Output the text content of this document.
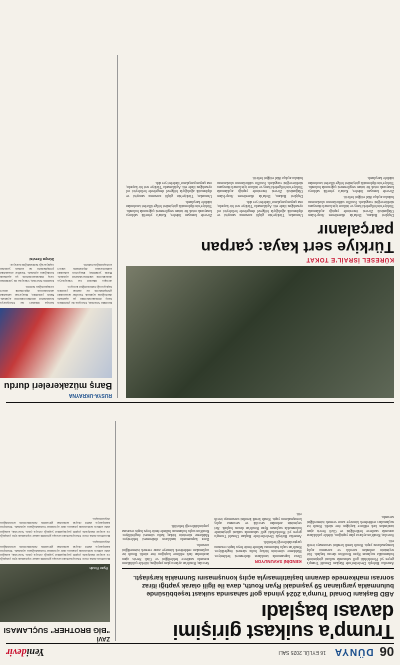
06
DÜNYA
16 EYLÜL 2025 SALI
Yenidevir
Trump'a suikast girişimi davası başladı
ABD Başkanı Donald Trump'a 2024 yılında golf sahasında suikast teşebbüsünde bulunmakla yargılanan 59 yaşındaki Ryan Routh, dava ile ilgili olarak yaptığı itiraz sonrası mahkemede davanın başlatılmasıyla açılış konuşmasını Sunmakla karşılaştı.

Amerika Birleşik Devletleri'nde Başkan Donald Trump'a geçen yıl Florida'daki golf sahasında suikast girişiminde bulunmakla suçlanan Ryan Routh'un davası başladı. Jüri seçiminin ardından savcılık ve savunma açılış konuşmalarını yaptı. Routh kendi kendini savunmayı tercih etti.

Savcılar, Routh'un aylarca plan yaptığını, tüfekle çalılıkların arasında saatlerce beklediğini ve Gizli Servis ajanı tarafından fark edilince kaçtığını öne sürdü. Routh ise suçlamaları reddederek kimseye zarar vermek istemediğini savundu.

KENDİNİ SAVUNUYOR

Dava kapsamında tanıkların dinlenmesi bekleniyor. Mahkeme sürecinin birkaç hafta sürmesi öngörülüyor. Routh'un suçlu bulunması halinde ömür boyu hapis cezasına çarptırılabileceği belirtildi.

Amerika Birleşik Devletleri'nde Başkan Donald Trump'a geçen yıl Florida'daki golf sahasında suikast girişiminde bulunmakla suçlanan Ryan Routh'un davası başladı. Jüri seçiminin ardından savcılık ve savunma açılış konuşmalarını yaptı. Routh kendi kendini savunmayı tercih etti.

Savcılar, Routh'un aylarca plan yaptığını, tüfekle çalılıkların arasında saatlerce beklediğini ve Gizli Servis ajanı tarafından fark edilince kaçtığını öne sürdü. Routh ise suçlamaları reddederek kimseye zarar vermek istemediğini savundu.

Dava kapsamında tanıkların dinlenmesi bekleniyor. Mahkeme sürecinin birkaç hafta sürmesi öngörülüyor. Routh'un suçlu bulunması halinde ömür boyu hapis cezasına çarptırılabileceği belirtildi.

ZAVİ
"BİG BROTHER" SUÇLAMASI
Ryan Routh

Routh'un daha önce Ukrayna'daki savaşa gönüllü asker toplamak için çalıştığı ve sosyal medyada çeşitli paylaşımlar yaptığı ortaya çıktı. Savcılık, sanığın elde edilen notlarında planına dair ayrıntılar bulunduğunu açıkladı. Trump'ın kampanya ekibi olayın ardından güvenlik önlemlerinin artırıldığını duyurmuştu.

Routh'un daha önce Ukrayna'daki savaşa gönüllü asker toplamak için çalıştığı ve sosyal medyada çeşitli paylaşımlar yaptığı ortaya çıktı. Savcılık, sanığın elde edilen notlarında planına dair ayrıntılar bulunduğunu açıkladı. Trump'ın kampanya ekibi olayın ardından güvenlik önlemlerinin artırıldığını duyurmuştu.

KÜRESEL İSRAİL'E TOKAT
Türkiye sert kaya: çarpan parçalanır

Dışişleri Bakanı, Doha'da düzenlenen Arap-İslam Olağanüstü Zirvesi öncesinde yaptığı açıklamada Türkiye'nin bölgedeki barış ve istikrar için kararlı duruşunu sürdüreceğini vurguladı. İsrail'in saldırılarının uluslararası hukuku açıkça ihlal ettiğini belirtti.

Zirvede konuşan liderler, Katar'a yönelik saldırıyı kınayarak ortak bir tutum sergilenmesi çağrısında bulundu. Türkiye'nin diplomatik girişimleri bölge ülkeleri tarafından takdirle karşılandı.

Uzmanlar, Türkiye'nin güçlü savunma sanayisi ve diplomatik ağırlığıyla bölgesel dengelerde belirleyici rol oynadığını ifade etti. Açıklamada 'Türkiye sert bir kayadır, ona çarpan parçalanır' ifadeleri yer aldı.

Dışişleri Bakanı, Doha'da düzenlenen Arap-İslam Olağanüstü Zirvesi öncesinde yaptığı açıklamada Türkiye'nin bölgedeki barış ve istikrar için kararlı duruşunu sürdüreceğini vurguladı. İsrail'in saldırılarının uluslararası hukuku açıkça ihlal ettiğini belirtti.

Zirvede konuşan liderler, Katar'a yönelik saldırıyı kınayarak ortak bir tutum sergilenmesi çağrısında bulundu. Türkiye'nin diplomatik girişimleri bölge ülkeleri tarafından takdirle karşılandı.

Uzmanlar, Türkiye'nin güçlü savunma sanayisi ve diplomatik ağırlığıyla bölgesel dengelerde belirleyici rol oynadığını ifade etti. Açıklamada 'Türkiye sert bir kayadır, ona çarpan parçalanır' ifadeleri yer aldı.

RUSYA-UKRAYNA
Barış müzakereleri durdu

Kremlin Sözcüsü, Ukrayna ile yürütülen barış müzakerelerinin şu aşamada durduğunu açıkladı. Taraflar arasındaki görüşmelerin ne zaman yeniden başlayacağı belirsizliğini koruyor.

Avrupa ülkeleri ise Ukrayna'ya desteklerini sürdüreceklerini açıkladı. Batılı yetkililer, Rusya'nın sahadaki saldırılarının diplomatik süreci zorlaştırdığını belirtti.

Avrupa ülkeleri ise Ukrayna'ya desteklerini sürdüreceklerini açıkladı. Batılı yetkililer, Rusya'nın sahadaki saldırılarının diplomatik süreci zorlaştırdığını belirtti.

Kremlin Sözcüsü, Ukrayna ile yürütülen barış müzakerelerinin şu aşamada durduğunu açıkladı. Taraflar arasındaki görüşmelerin ne zaman yeniden başlayacağı belirsizliğini koruyor.

Dünya Servisi
